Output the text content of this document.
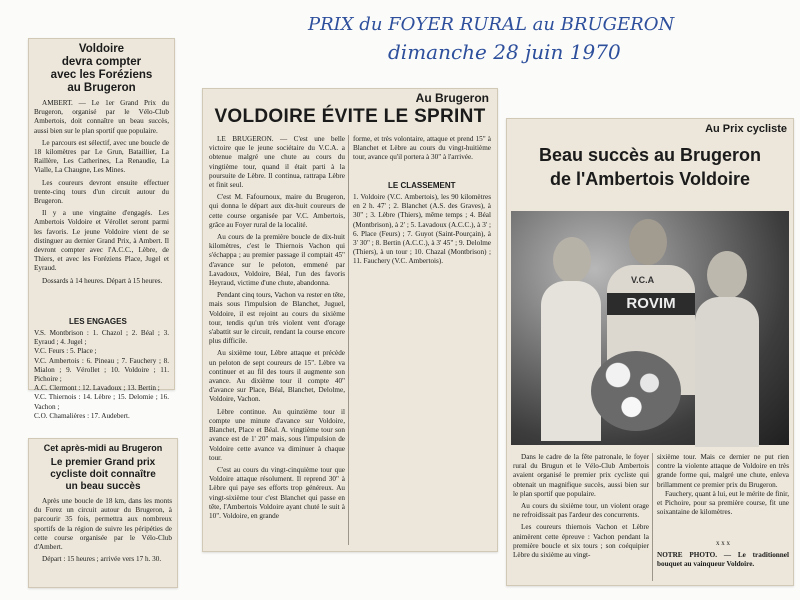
PRIX du FOYER RURAL au BRUGERON
dimanche 28 juin 1970
Voldoire
devra compter
avec les Foréziens
au Brugeron

AMBERT. — Le 1er Grand Prix du Brugeron, organisé par le Vélo-Club Ambertois, doit connaître un beau succès, aussi bien sur le plan sportif que populaire.

Le parcours est sélectif, avec une boucle de 18 kilomètres par Le Grun, Bataillier, La Raillère, Les Catherines, La Renaudie, La Vialle, La Chaugne, Les Mines.

Les coureurs devront ensuite effectuer trente-cinq tours d'un circuit autour du Brugeron.

Il y a une vingtaine d'engagés. Les Ambertois Voldoire et Vérollet seront parmi les favoris. Le jeune Voldoire vient de se distinguer au dernier Grand Prix, à Ambert. Il devront compter avec l'A.C.C., Lèbre, de Thiers, et avec les Foréziens Place, Jugel et Eyraud.

Dossards à 14 heures. Départ à 15 heures.

LES ENGAGES

V.S. Montbrison : 1. Chazol ; 2. Béal ; 3. Eyraud ; 4. Jugel ;

V.C. Feurs : 5. Place ;

V.C. Ambertois : 6. Pineau ; 7. Fauchery ; 8. Mialon ; 9. Vérollet ; 10. Voldoire ; 11. Pichoire ;

A.C. Clermont : 12. Lavadoux ; 13. Bertin ;

V.C. Thiernois : 14. Lèbre ; 15. Delomie ; 16. Vachon ;

C.O. Chamalières : 17. Audebert.

Cet après-midi au Brugeron
Le premier Grand prix
cycliste doit connaître
un beau succès

Après une boucle de 18 km, dans les monts du Forez un circuit autour du Brugeron, à parcourir 35 fois, permettra aux nombreux sportifs de la région de suivre les péripéties de cette course organisée par le Vélo-Club d'Ambert.

Départ : 15 heures ; arrivée vers 17 h. 30.

Au Brugeron
VOLDOIRE ÉVITE LE SPRINT

LE BRUGERON. — C'est une belle victoire que le jeune sociétaire du V.C.A. a obtenue malgré une chute au cours du vingtième tour, quand il était parti à la poursuite de Lèbre. Il continua, rattrapa Lèbre et finit seul.

C'est M. Fafournoux, maire du Brugeron, qui donna le départ aux dix-huit coureurs de cette course organisée par V.C. Ambertois, grâce au Foyer rural de la localité.

Au cours de la première boucle de dix-huit kilomètres, c'est le Thiernois Vachon qui s'échappa ; au premier passage il comptait 45" d'avance sur le peloton, emmené par Lavadoux, Voldoire, Béal, l'un des favoris Heyraud, victime d'une chute, abandonna.

Pendant cinq tours, Vachon va rester en tête, mais sous l'impulsion de Blanchet, Juguel, Voldoire, il est rejoint au cours du sixième tour, tendis qu'un très violent vent d'orage s'abattit sur le circuit, rendant la course encore plus difficile.

Au sixième tour, Lèbre attaque et précède un peloton de sept coureurs de 15". Lèbre va continuer et au fil des tours il augmente son avance. Au dixième tour il compte 40" d'avance sur Place, Béal, Blanchet, Delolme, Voldoire, Vachon.

Lèbre continue. Au quinzième tour il compte une minute d'avance sur Voldoire, Blanchet, Place et Béal. A. vingtième tour son avance est de 1' 20" mais, sous l'impulsion de Voldoire cette avance va diminuer à chaque tour.

C'est au cours du vingt-cinquième tour que Voldoire attaque résolument. Il reprend 30" à Lèbre qui paye ses efforts trop généreux. Au vingt-sixième tour c'est Blanchet qui passe en tête, l'Ambertois Voldoire ayant chuté le suit à 10". Voldoire, en grande

forme, et très volontaire, attaque et prend 15" à Blanchet et Lèbre au cours du vingt-huitième tour, avance qu'il portera à 30" à l'arrivée.

LE CLASSEMENT

1. Voldoire (V.C. Ambertois), les 90 kilomètres en 2 h. 47' ; 2. Blanchet (A.S. des Graves), à 30" ; 3. Lèbre (Thiers), même temps ; 4. Béal (Montbrison), à 2' ; 5. Lavadoux (A.C.C.), à 3' ; 6. Place (Feurs) ; 7. Guyot (Saint-Pourçain), à 3' 30" ; 8. Bertin (A.C.C.), à 3' 45" ; 9. Delolme (Thiers), à un tour ; 10. Chazal (Montbrison) ; 11. Fauchery (V.C. Ambertois).

Au Prix cycliste
Beau succès au Brugeron
de l'Ambertois Voldoire
V.C.A
ROVIM

Dans le cadre de la fête patronale, le foyer rural du Brugun et le Vélo-Club Ambertois avaient organisé le premier prix cycliste qui obtenait un magnifique succès, aussi bien sur le plan sportif que populaire.

Au cours du sixième tour, un violent orage ne refroidissait pas l'ardeur des concurrents.

Les coureurs thiernois Vachon et Lèbre animèrent cette épreuve : Vachon pendant la première boucle et six tours ; son coéquipier Lèbre du sixième au vingt-

sixième tour. Mais ce dernier ne put rien contre la violente attaque de Voldoire en très grande forme qui, malgré une chute, enleva brillamment ce premier prix du Brugeron.

Fauchery, quant à lui, eut le mérite de finir, et Pichoire, pour sa première course, fit une soixantaine de kilomètres.

x x x

NOTRE PHOTO. — Le traditionnel bouquet au vainqueur Voldoire.
